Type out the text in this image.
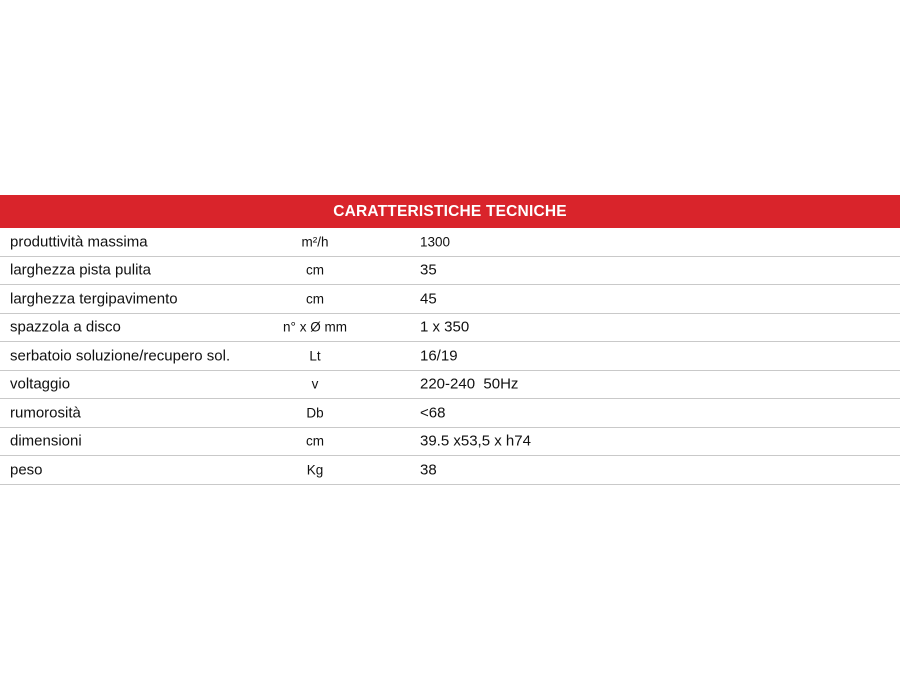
CARATTERISTICHE TECNICHE
produttività massima	m²/h	1300
larghezza pista pulita	cm	35
larghezza tergipavimento	cm	45
spazzola a disco	n° x Ø mm	1 x 350
serbatoio soluzione/recupero sol.	Lt	16/19
voltaggio	v	220-240  50Hz
rumorosità	Db	<68
dimensioni	cm	39.5 x53,5 x h74
peso	Kg	38
